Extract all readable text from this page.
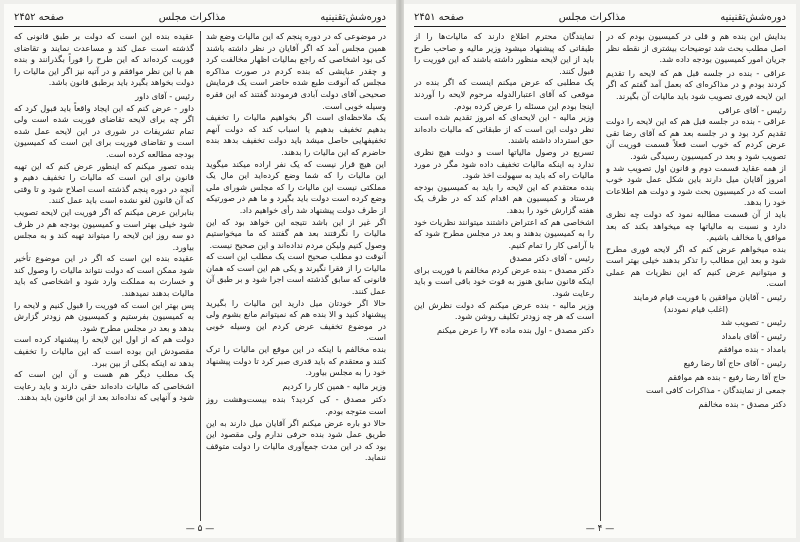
دوره‌شش‌تقنینیه
مذاکرات مجلس
صفحه ۲۴۵۲

در موضوعی که در دوره پنجم که این مالیات وضع شد همین مجلس آمد که اگر آقایان در نظر داشته باشند کی بود اشخاصی که راجع بمالیات اظهار مخالفت کرد و چقدر عبایشی که بنده کردم در صورت مذاکره مجلس که آنوقت طبع شده حاضر است یک فرمایش صحیحی آقای دولت آبادی فرمودند گفتند که این فقره وسیله خوبی است.

یک ملاحظه‌ای است اگر بخواهیم مالیات را تخفیف بدهیم تخفیف بدهیم یا اسباب کند که دولت آنهم تخفیفهایی حاصل میشد باید دولت تخفیف بدهد بنده حاضرم که این مالیات را بدهند.

این هیچ قرار نیست که یک نفر اراده میکند میگوید این مالیات را که شما وضع کرده‌اید این مال یک مملکتی نیست این مالیات را که مجلس شورای ملی وضع کرده است دولت باید بگیرد و ما هم در صورتیکه از طرف دولت پیشنهاد شد رأی خواهیم داد.

اگر غیر از این باشد نتیجه این خواهد بود که این مالیات را نگرفتند بعد هم گفتند که ما میخواستیم وصول کنیم ولیکن مردم نداده‌اند و این صحیح نیست.

آنوقت دو مطلب صحیح است یک مطلب این است که مالیات را از فقرا نگیرند و یکی هم این است که همان قانونی که سابق گذشته است اجرا شود و بر طبق آن عمل کنند.

حالا اگر خودتان میل دارید این مالیات را بگیرید پیشنهاد کنید و الا بنده هم که نمیتوانم مانع بشوم ولی در موضوع تخفیف عرض کردم این وسیله خوبی است.

بنده مخالفم با اینکه در این موقع این مالیات را ترک کنند و معتقدم که باید قدری صبر کرد تا دولت پیشنهاد خود را به مجلس بیاورد.

وزیر مالیه - همین کار را کردیم

دکتر مصدق - کی کردید؟ بنده بیست‌وهشت روز است متوجه بودم.

حالا دو باره عرض میکنم اگر آقایان میل دارند به این طریق عمل شود بنده حرفی ندارم ولی مقصود این بود که در این مدت جمع‌آوری مالیات را دولت متوقف ننماید.

عقیده بنده این است که دولت بر طبق قانونی که گذشته است عمل کند و مساعدت نمایند و تقاضای فوریت کرده‌اند که این طرح را فوراً بگذرانند و بنده هم با این نظر موافقم و در آتیه نیز اگر این مالیات را دولت بخواهد بگیرد باید برطبق قانون باشد.

رئیس - آقای داور

داور - عرض کنم که این ایجاد واقعاً باید قبول کرد که اگر چه برای لایحه تقاضای فوریت شده است ولی تمام تشریفات در شوری در این لایحه عمل شده است و تقاضای فوریت برای این است که کمیسیون بودجه مطالعه کرده است.

بنده تصور میکنم که اینطور عرض کنم که این تهیه قانون برای این است که مالیات را تخفیف دهیم و آنچه در دوره پنجم گذشته است اصلاح شود و تا وقتی که آن قانون لغو نشده است باید عمل کنند.

بنابراین عرض میکنم که اگر فوریت این لایحه تصویب شود خیلی بهتر است و کمیسیون بودجه هم در ظرف دو سه روز این لایحه را میتواند تهیه کند و به مجلس بیاورد.

عقیده بنده این است که اگر در این موضوع تأخیر شود ممکن است که دولت نتواند مالیات را وصول کند و خسارت به مملکت وارد شود و اشخاصی که باید مالیات بدهند نمیدهند.

پس بهتر این است که فوریت را قبول کنیم و لایحه را به کمیسیون بفرستیم و کمیسیون هم زودتر گزارش بدهد و بعد در مجلس مطرح شود.

دولت هم که از اول این لایحه را پیشنهاد کرده است مقصودش این بوده است که این مالیات را تخفیف بدهد نه اینکه بکلی از بین ببرد.

یک مطلب دیگر هم هست و آن این است که اشخاصی که مالیات داده‌اند حقی دارند و باید رعایت شود و آنهایی که نداده‌اند بعد از این قانون باید بدهند.

— ۵ —
دوره‌شش‌تقنینیه
مذاکرات مجلس
صفحه ۲۴۵۱

بدایش این بنده هم و قلی در کمیسیون بودم که در اصل مطلب بحث شد توضیحات بیشتری از نقطه نظر جریان امور کمیسیون بودجه داده شد.

عراقی - بنده در جلسه قبل هم که لایحه را تقدیم کردند بودم و در مذاکره‌ای که بعمل آمد گفتم که اگر این لایحه فوری تصویب شود باید مالیات آن بگیرند.

رئیس - آقای عراقی

عراقی - بنده در جلسه قبل هم که این لایحه را دولت تقدیم کرد بود و در جلسه بعد هم که آقای رضا تقی عرض کردم که خوب است فعلاً قسمت فوریت آن تصویب شود و بعد در کمیسیون رسیدگی شود.

از همه عقاید قسمت دوم و قانون اول تصویب شد و امروز آقایان میل دارند باین شکل عمل شود خوب است که در کمیسیون بحث شود و دولت هم اطلاعات خود را بدهد.

باید از آن قسمت مطالبه نمود که دولت چه نظری دارد و نسبت به مالیاتها چه میخواهد بکند که بعد موافق یا مخالف باشیم.

بنده میخواهم عرض کنم که اگر لایحه فوری مطرح شود و بعد این مطالب را تذکر بدهند خیلی بهتر است و میتوانیم عرض کنیم که این نظریات هم عملی است.

رئیس - آقایان موافقین با فوریت قیام فرمایند

(اغلب قیام نمودند)

رئیس - تصویب شد

رئیس - آقای بامداد

بامداد - بنده موافقم

رئیس - آقای حاج آقا رضا رفیع

حاج آقا رضا رفیع - بنده هم موافقم

جمعی از نمایندگان - مذاکرات کافی است

دکتر مصدق - بنده مخالفم

نمایندگان محترم اطلاع دارند که مالیات‌ها را از طبقاتی که پیشنهاد میشود وزیر مالیه و صاحب طرح باید از این لایحه منظور داشته باشند که این فوریت را قبول کنند.

یک مطلبی که عرض میکنم اینست که اگر بنده در موقعی که آقای اعتبارالدوله مرحوم لایحه را آوردند اینجا بودم این مسئله را عرض کرده بودم.

وزیر مالیه - این لایحه‌ای که امروز تقدیم شده است نظر دولت این است که از طبقاتی که مالیات داده‌اند حق استرداد داشته باشند.

تسریع در وصول مالیاتها است و دولت هیچ نظری ندارد به اینکه مالیات تخفیف داده شود مگر در مورد مالیات راه که باید به سهولت اخذ شود.

بنده معتقدم که این لایحه را باید به کمیسیون بودجه فرستاد و کمیسیون هم اقدام کند که در ظرف یک هفته گزارش خود را بدهد.

اشخاصی هم که اعتراض داشتند میتوانند نظریات خود را به کمیسیون بدهند و بعد در مجلس مطرح شود که با آرامی کار را تمام کنیم.

رئیس - آقای دکتر مصدق

دکتر مصدق - بنده عرض کردم مخالفم با فوریت برای اینکه قانون سابق هنوز به قوت خود باقی است و باید رعایت شود.

وزیر مالیه - بنده عرض میکنم که دولت نظرش این است که هر چه زودتر تکلیف روشن شود.

دکتر مصدق - اول بنده ماده ۷۴ را عرض میکنم

— ۴ —
